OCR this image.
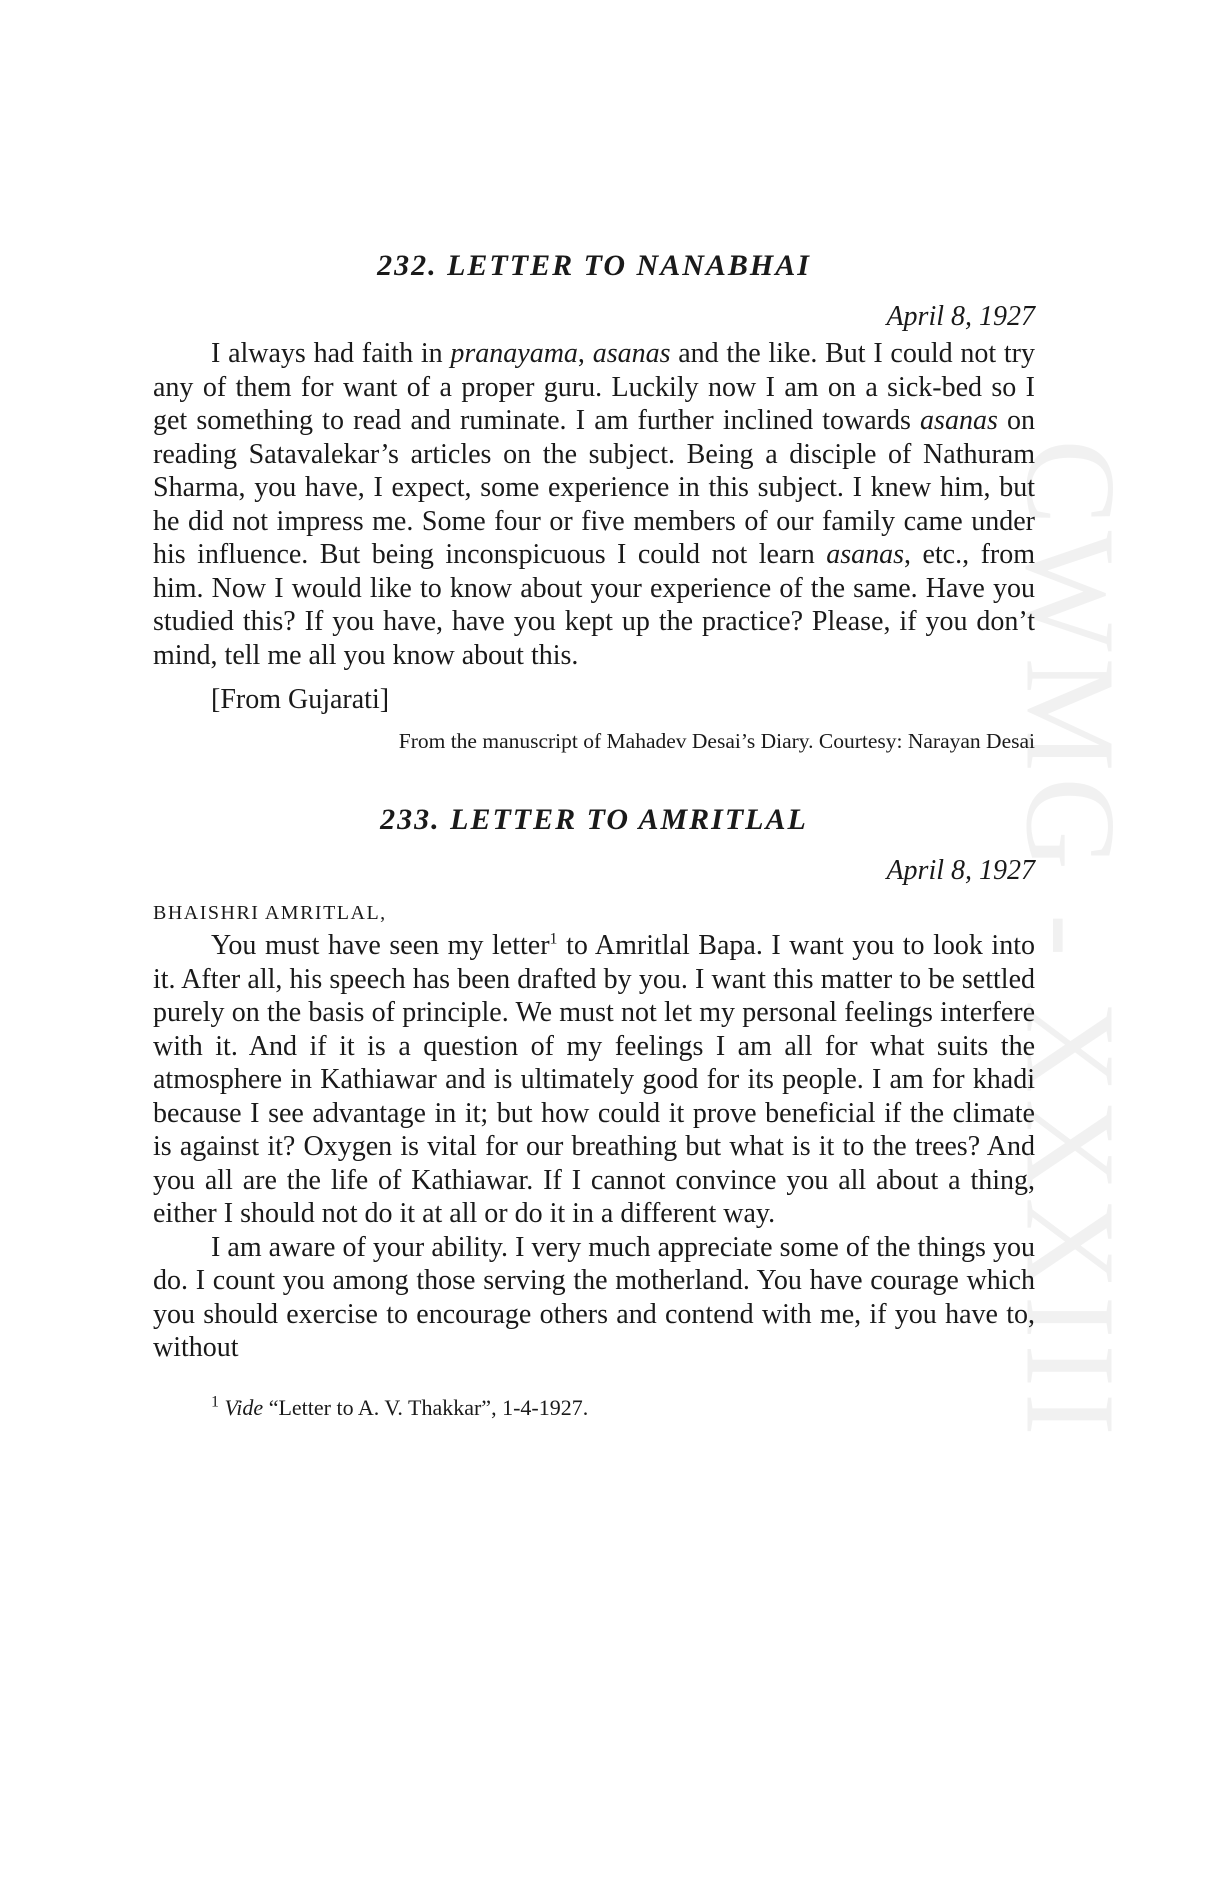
CWMG - XXXIII
232. LETTER TO NANABHAI

April 8, 1927

I always had faith in pranayama, asanas and the like. But I could not try any of them for want of a proper guru. Luckily now I am on a sick-bed so I get something to read and ruminate. I am further inclined towards asanas on reading Satavalekar’s articles on the subject. Being a disciple of Nathuram Sharma, you have, I expect, some experience in this subject. I knew him, but he did not impress me. Some four or five members of our family came under his influence. But being inconspicuous I could not learn asanas, etc., from him. Now I would like to know about your experience of the same. Have you studied this? If you have, have you kept up the practice? Please, if you don’t mind, tell me all you know about this.

[From Gujarati]

From the manuscript of Mahadev Desai’s Diary. Courtesy: Narayan Desai

233. LETTER TO AMRITLAL

April 8, 1927

BHAISHRI AMRITLAL,

You must have seen my letter$^1$ to Amritlal Bapa. I want you to look into it. After all, his speech has been drafted by you. I want this matter to be settled purely on the basis of principle. We must not let my personal feelings interfere with it. And if it is a question of my feelings I am all for what suits the atmosphere in Kathiawar and is ultimately good for its people. I am for khadi because I see advantage in it; but how could it prove beneficial if the climate is against it? Oxygen is vital for our breathing but what is it to the trees? And you all are the life of Kathiawar. If I cannot convince you all about a thing, either I should not do it at all or do it in a different way.

I am aware of your ability. I very much appreciate some of the things you do. I count you among those serving the motherland. You have courage which you should exercise to encourage others and contend with me, if you have to, without

$^1$ Vide “Letter to A. V. Thakkar”, 1-4-1927.
